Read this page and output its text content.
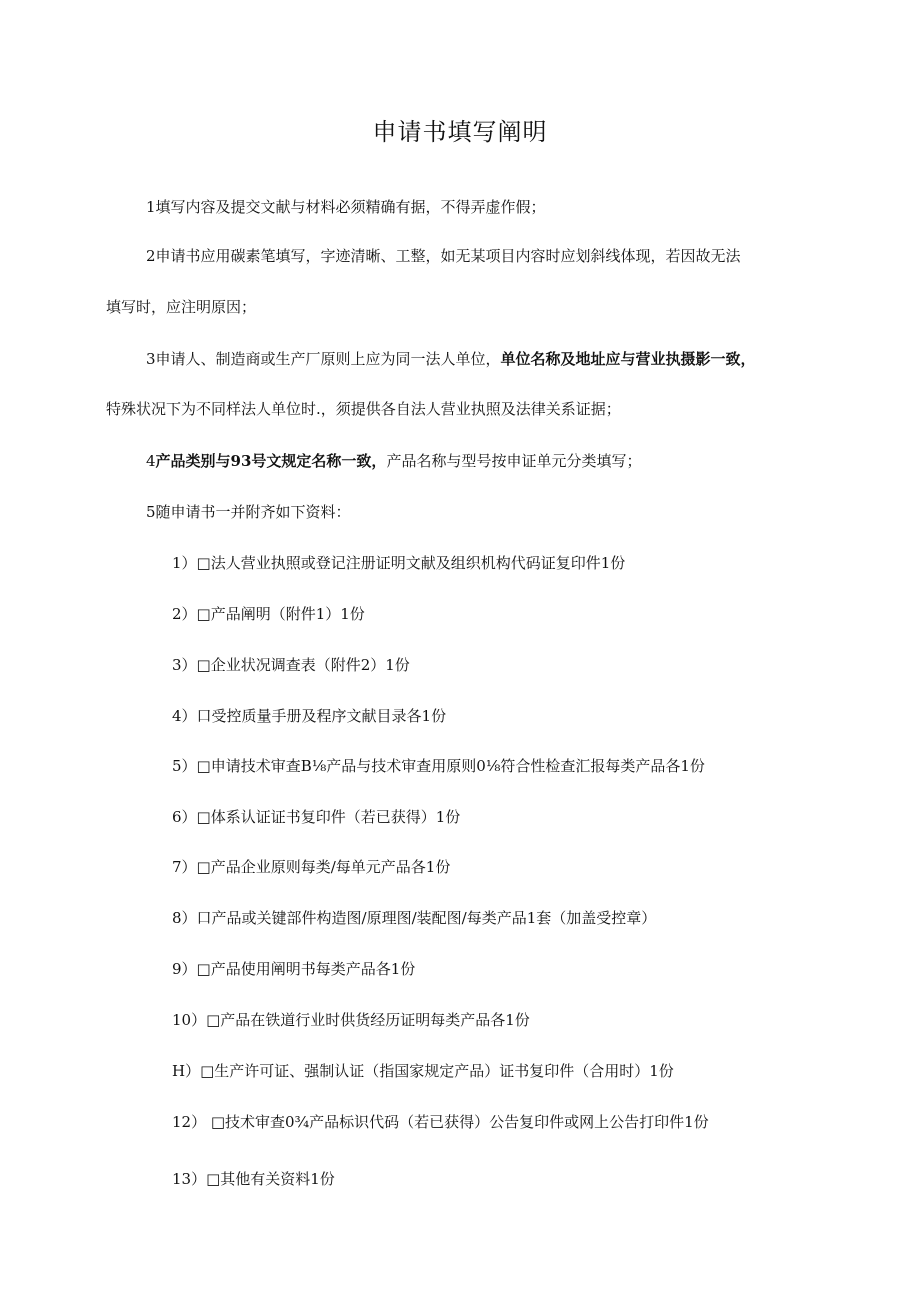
申请书填写阐明

1填写内容及提交文献与材料必须精确有据，不得弄虚作假；

2申请书应用碳素笔填写，字迹清晰、工整，如无某项目内容时应划斜线体现，若因故无法

填写时，应注明原因；

3申请人、制造商或生产厂原则上应为同一法人单位，单位名称及地址应与营业执摄影一致，

特殊状况下为不同样法人单位时.，须提供各自法人营业执照及法律关系证据；

4产品类别与93号文规定名称一致，产品名称与型号按申证单元分类填写；

5随申请书一并附齐如下资料：

1）□法人营业执照或登记注册证明文献及组织机构代码证复印件1份

2）□产品阐明（附件1）1份

3）□企业状况调查表（附件2）1份

4）口受控质量手册及程序文献目录各1份

5）□申请技术审查B⅛产品与技术审查用原则0⅛符合性检查汇报每类产品各1份

6）□体系认证证书复印件（若已获得）1份

7）□产品企业原则每类/每单元产品各1份

8）口产品或关键部件构造图/原理图/装配图/每类产品1套（加盖受控章）

9）□产品使用阐明书每类产品各1份

10）□产品在铁道行业时供货经历证明每类产品各1份

H）□生产许可证、强制认证（指国家规定产品）证书复印件（合用时）1份

12） □技术审查0¾产品标识代码（若已获得）公告复印件或网上公告打印件1份

13）□其他有关资料1份
